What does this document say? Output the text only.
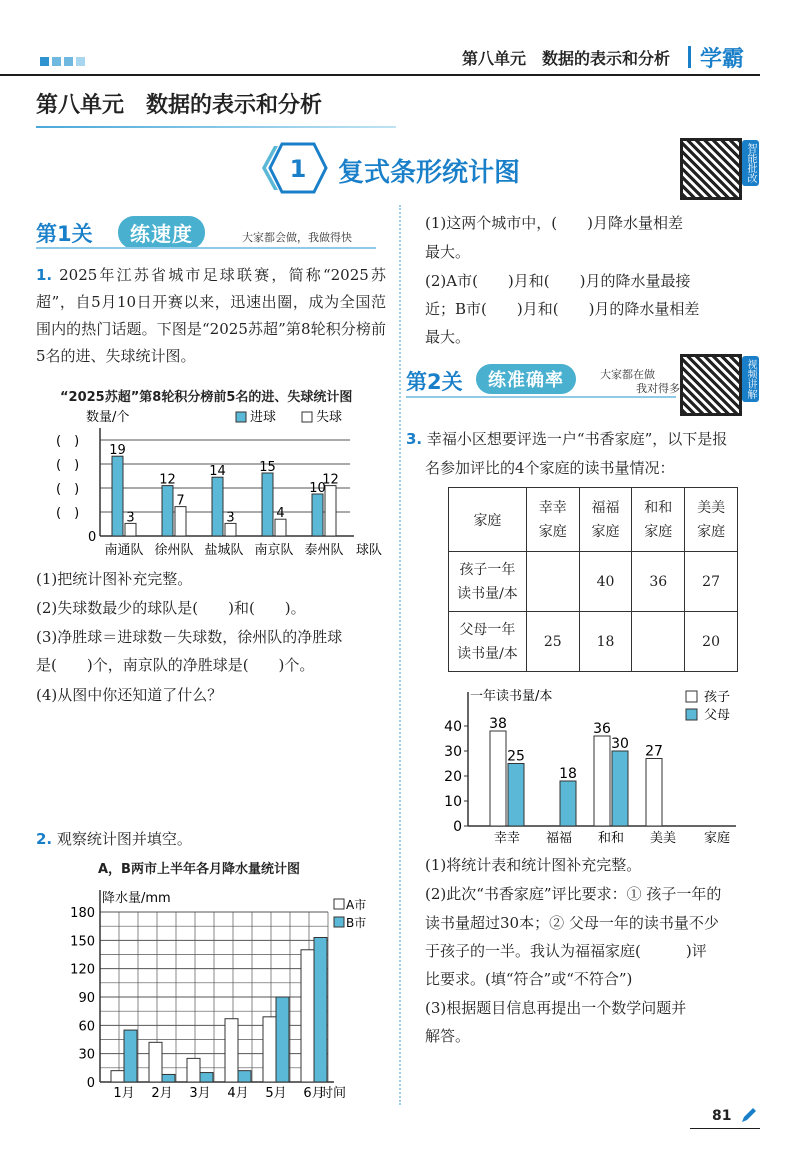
第八单元　数据的表示和分析 学霸
第八单元　数据的表示和分析
1 复式条形统计图	智能批改
第1关	练速度	大家都会做，我做得快
1. 2025年江苏省城市足球联赛，简称“2025苏超”，自5月10日开赛以来，迅速出圈，成为全国范围内的热门话题。下图是“2025苏超”第8轮积分榜前5名的进、失球统计图。
“2025苏超”第8轮积分榜前5名的进、失球统计图
数量/个	进球	失球
19
3
南通队
12
7
徐州队
14
3
盐城队
15
4
南京队
10
12
泰州队
(　)
(　)
(　)
(　)
0
球队
(1)把统计图补充完整。
(2)失球数最少的球队是(　　)和(　　)。
(3)净胜球＝进球数－失球数，徐州队的净胜球
是(　　)个，南京队的净胜球是(　　)个。
(4)从图中你还知道了什么？
2. 观察统计图并填空。
A，B两市上半年各月降水量统计图
降水量/mm	A市
B市
0
30
60
90
120
150
180
1月 2月 3月 4月 5月 6月
时间
(1)这两个城市中，(　　)月降水量相差
最大。
(2)A市(　　)月和(　　)月的降水量最接
近；B市(　　)月和(　　)月的降水量相差
最大。
第2关	练准确率	大家都在做
我对得多	视频讲解
3. 幸福小区想要评选一户“书香家庭”，以下是报
名参加评比的4个家庭的读书量情况：
家庭	幸幸家庭	福福家庭	和和家庭	美美家庭
孩子一年读书量/本		40	36	27
父母一年读书量/本	25	18		20
一年读书量/本	孩子
父母
0
10
20
30
40 38
25
幸幸
18
福福
36
30
和和
27
美美 家庭
(1)将统计表和统计图补充完整。
(2)此次“书香家庭”评比要求：① 孩子一年的
读书量超过30本；② 父母一年的读书量不少
于孩子的一半。我认为福福家庭(　　　)评
比要求。(填“符合”或“不符合”)
(3)根据题目信息再提出一个数学问题并
解答。
81
